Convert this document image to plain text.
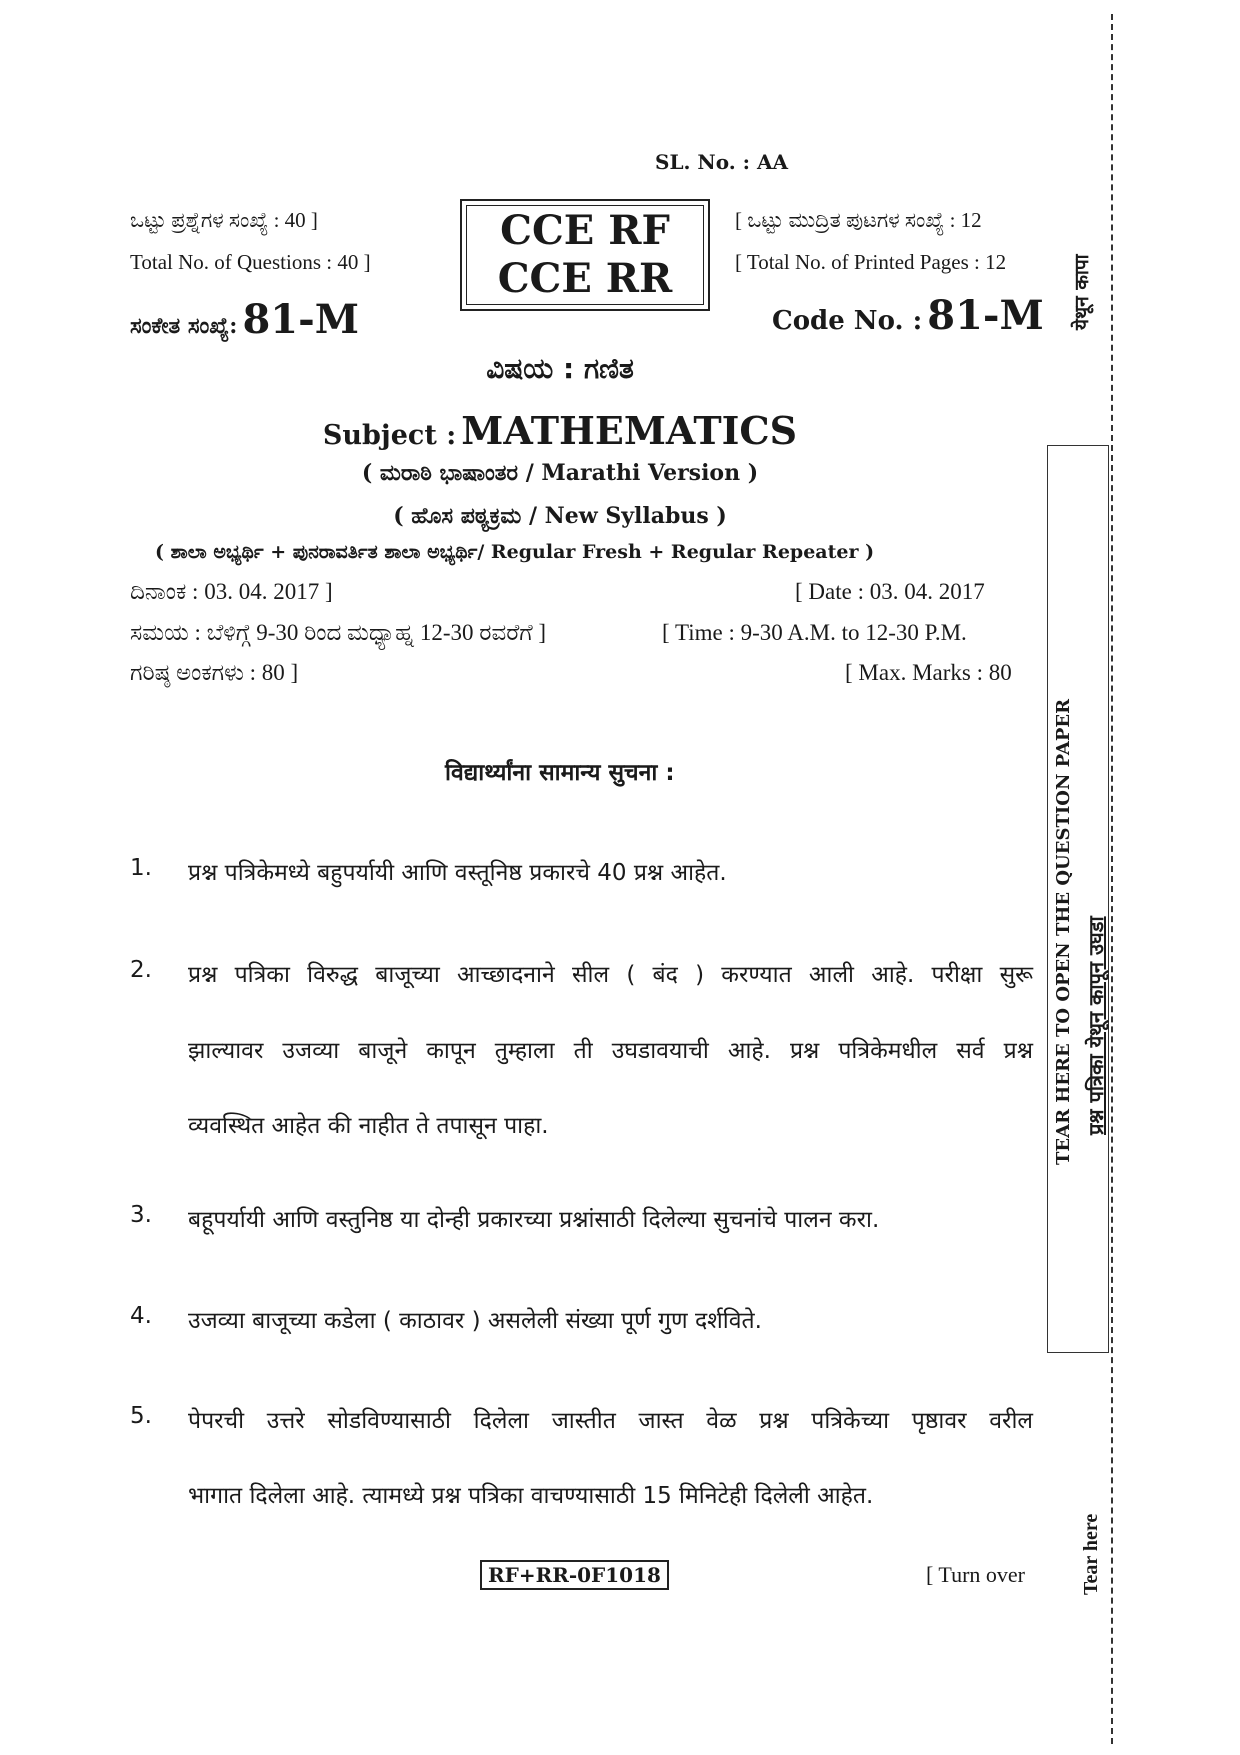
SL. No. : AA
ಒಟ್ಟು ಪ್ರಶ್ನೆಗಳ ಸಂಖ್ಯೆ : 40 ]
Total No. of Questions : 40 ]
ಸಂಕೇತ ಸಂಖ್ಯೆ: 81-M
CCE RF
CCE RR
[ ಒಟ್ಟು ಮುದ್ರಿತ ಪುಟಗಳ ಸಂಖ್ಯೆ : 12
[ Total No. of Printed Pages : 12
Code No. : 81-M
ವಿಷಯ : ಗಣಿತ
Subject : MATHEMATICS
( ಮರಾಠಿ ಭಾಷಾಂತರ / Marathi Version )
( ಹೊಸ ಪಠ್ಯಕ್ರಮ / New Syllabus )
( ಶಾಲಾ ಅಭ್ಯರ್ಥಿ + ಪುನರಾವರ್ತಿತ ಶಾಲಾ ಅಭ್ಯರ್ಥಿ/ Regular Fresh + Regular Repeater )
ದಿನಾಂಕ : 03. 04. 2017 ]	[ Date : 03. 04. 2017
ಸಮಯ : ಬೆಳಿಗ್ಗೆ 9-30 ರಿಂದ ಮಧ್ಯಾಹ್ನ 12-30 ರವರೆಗೆ ]	[ Time : 9-30 A.M. to 12-30 P.M.
ಗರಿಷ್ಠ ಅಂಕಗಳು : 80 ]	[ Max. Marks : 80
विद्यार्थ्यांना सामान्य सुचना :
1. प्रश्न पत्रिकेमध्ये बहुपर्यायी आणि वस्तूनिष्ठ प्रकारचे 40 प्रश्न आहेत.
2. प्रश्न पत्रिका विरुद्ध बाजूच्या आच्छादनाने सील ( बंद ) करण्यात आली आहे. परीक्षा सुरू
झाल्यावर उजव्या बाजूने कापून तुम्हाला ती उघडावयाची आहे. प्रश्न पत्रिकेमधील सर्व प्रश्न
व्यवस्थित आहेत की नाहीत ते तपासून पाहा.
3. बहूपर्यायी आणि वस्तुनिष्ठ या दोन्ही प्रकारच्या प्रश्नांसाठी दिलेल्या सुचनांचे पालन करा.
4. उजव्या बाजूच्या कडेला ( काठावर ) असलेली संख्या पूर्ण गुण दर्शविते.
5. पेपरची उत्तरे सोडविण्यासाठी दिलेला जास्तीत जास्त वेळ प्रश्न पत्रिकेच्या पृष्ठावर वरील
भागात दिलेला आहे. त्यामध्ये प्रश्न पत्रिका वाचण्यासाठी 15 मिनिटेही दिलेली आहेत.
RF+RR-0F1018	[ Turn over
येथून कापा
TEAR HERE TO OPEN THE QUESTION PAPER प्रश्न पत्रिका येथून कापून उघडा
Tear here
